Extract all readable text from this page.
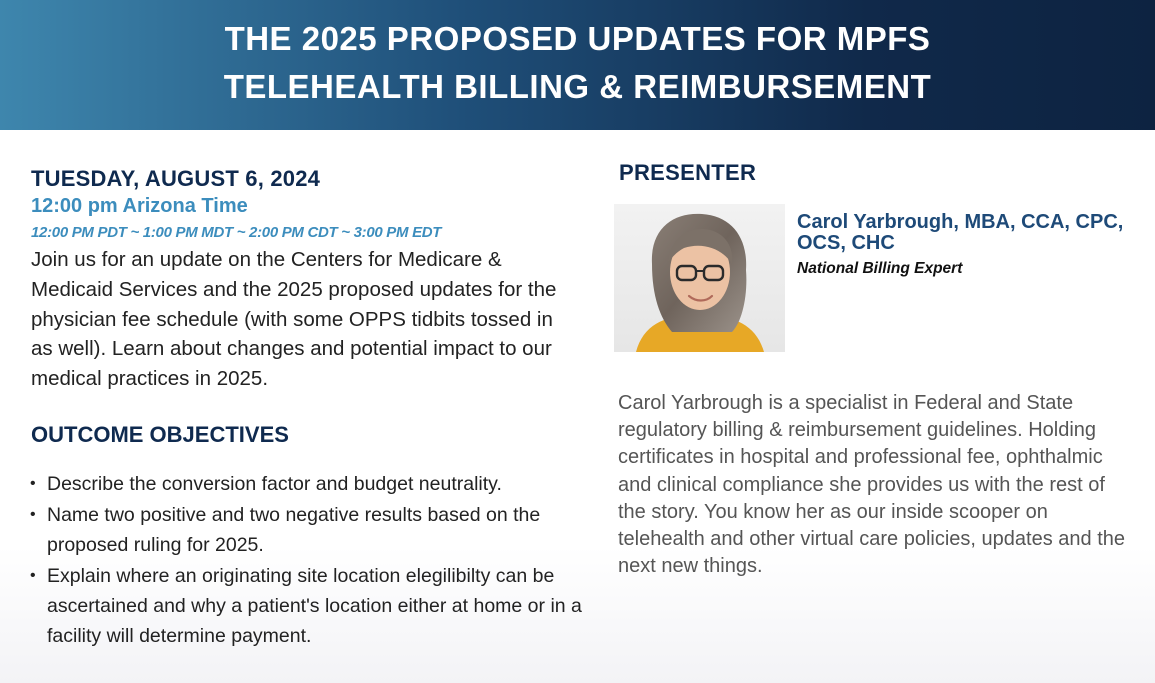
THE 2025 PROPOSED UPDATES FOR MPFS
TELEHEALTH BILLING & REIMBURSEMENT
TUESDAY, AUGUST 6, 2024
12:00 pm Arizona Time
12:00 PM PDT ~ 1:00 PM MDT ~ 2:00 PM CDT ~ 3:00 PM EDT
Join us for an update on the Centers for Medicare & Medicaid Services and the 2025 proposed updates for the physician fee schedule (with some OPPS tidbits tossed in as well). Learn about changes and potential impact to our medical practices in 2025.
OUTCOME OBJECTIVES
• Describe the conversion factor and budget neutrality.
• Name two positive and two negative results based on the proposed ruling for 2025.
• Explain where an originating site location elegilibilty can be ascertained and why a patient's location either at home or in a facility will determine payment.
PRESENTER
Carol Yarbrough, MBA, CCA, CPC, OCS, CHC
National Billing Expert
Carol Yarbrough is a specialist in Federal and State regulatory billing & reimbursement guidelines. Holding certificates in hospital and professional fee, ophthalmic and clinical compliance she provides us with the rest of the story. You know her as our inside scooper on telehealth and other virtual care policies, updates and the next new things.
